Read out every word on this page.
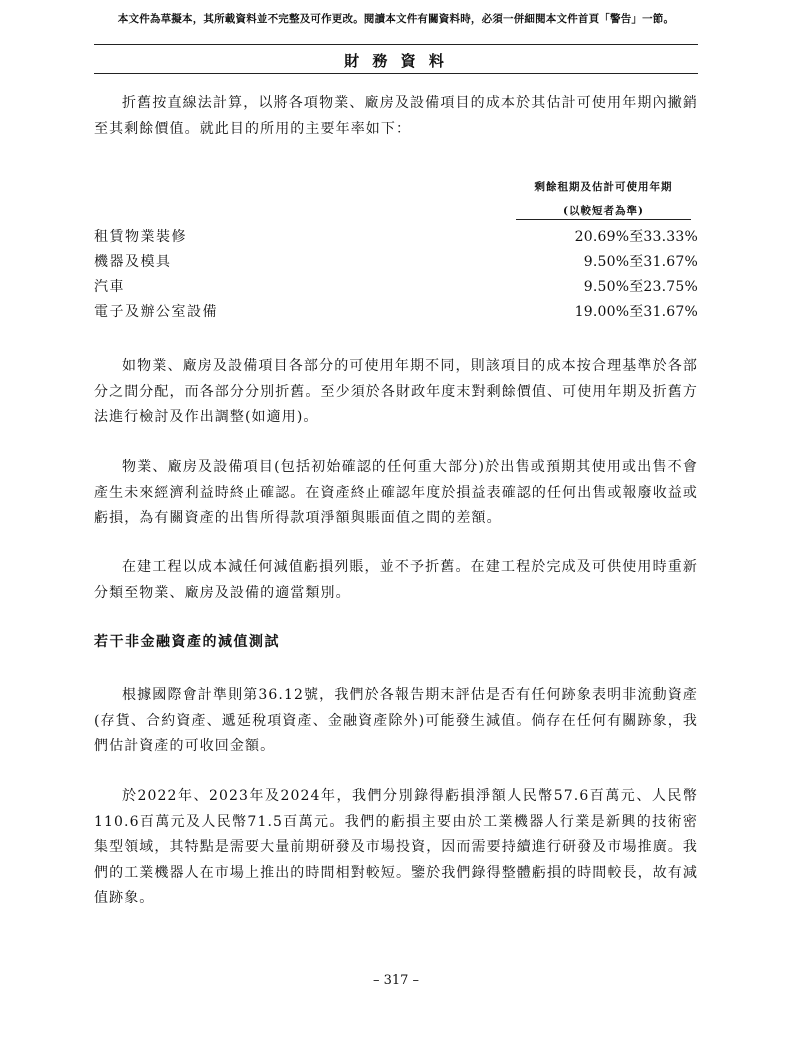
本文件為草擬本，其所載資料並不完整及可作更改。閱讀本文件有關資料時，必須一併細閱本文件首頁「警告」一節。
財 務 資 料

折舊按直線法計算，以將各項物業、廠房及設備項目的成本於其估計可使用年期內撇銷至其剩餘價值。就此目的所用的主要年率如下：

剩餘租期及估計可使用年期
(以較短者為準)
租賃物業裝修	20.69%至33.33%
機器及模具	9.50%至31.67%
汽車	9.50%至23.75%
電子及辦公室設備	19.00%至31.67%

如物業、廠房及設備項目各部分的可使用年期不同，則該項目的成本按合理基準於各部分之間分配，而各部分分別折舊。至少須於各財政年度末對剩餘價值、可使用年期及折舊方法進行檢討及作出調整(如適用)。

物業、廠房及設備項目(包括初始確認的任何重大部分)於出售或預期其使用或出售不會產生未來經濟利益時終止確認。在資產終止確認年度於損益表確認的任何出售或報廢收益或虧損，為有關資產的出售所得款項淨額與賬面值之間的差額。

在建工程以成本減任何減值虧損列賬，並不予折舊。在建工程於完成及可供使用時重新分類至物業、廠房及設備的適當類別。

若干非金融資產的減值測試

根據國際會計準則第36.12號，我們於各報告期末評估是否有任何跡象表明非流動資產(存貨、合約資產、遞延稅項資產、金融資產除外)可能發生減值。倘存在任何有關跡象，我們估計資產的可收回金額。

於2022年、2023年及2024年，我們分別錄得虧損淨額人民幣57.6百萬元、人民幣110.6百萬元及人民幣71.5百萬元。我們的虧損主要由於工業機器人行業是新興的技術密集型領域，其特點是需要大量前期研發及市場投資，因而需要持續進行研發及市場推廣。我們的工業機器人在市場上推出的時間相對較短。鑒於我們錄得整體虧損的時間較長，故有減值跡象。

– 317 –
